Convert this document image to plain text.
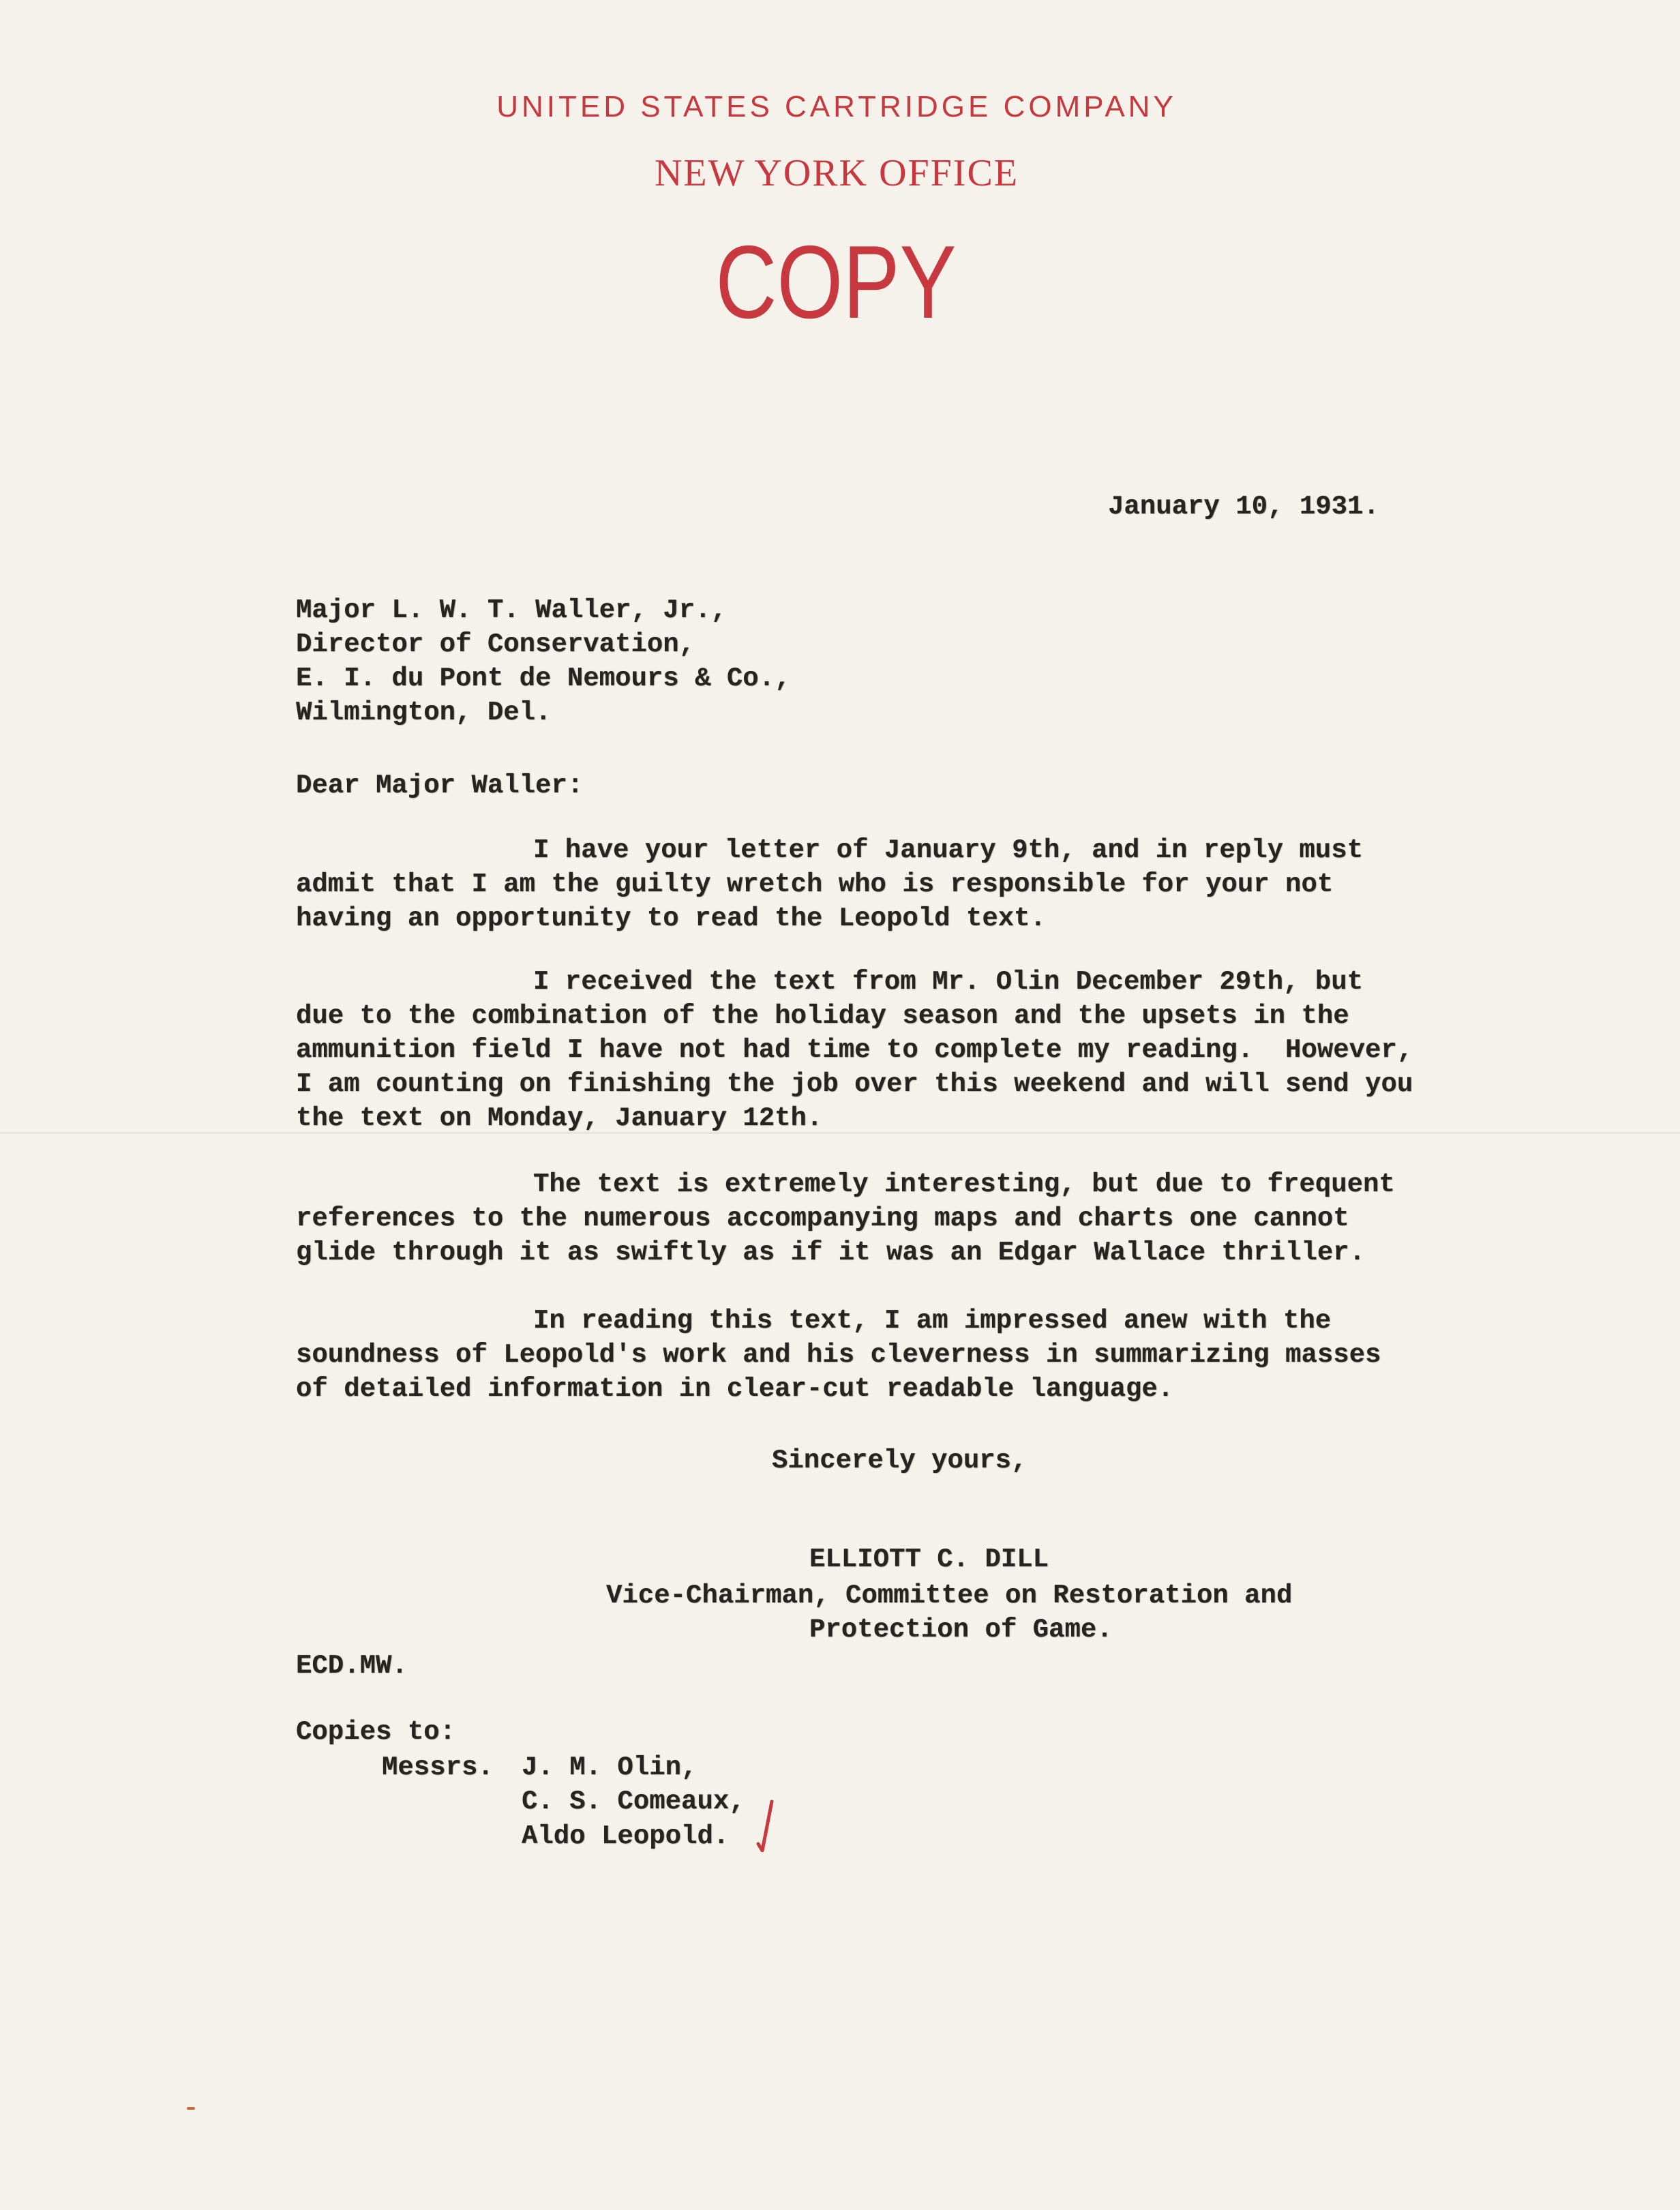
UNITED STATES CARTRIDGE COMPANY
NEW YORK OFFICE
COPY
January 10, 1931.
Major L. W. T. Waller, Jr.,
Director of Conservation,
E. I. du Pont de Nemours & Co.,
Wilmington, Del.
Dear Major Waller:
I have your letter of January 9th, and in reply must
admit that I am the guilty wretch who is responsible for your not
having an opportunity to read the Leopold text.
I received the text from Mr. Olin December 29th, but
due to the combination of the holiday season and the upsets in the
ammunition field I have not had time to complete my reading.  However,
I am counting on finishing the job over this weekend and will send you
the text on Monday, January 12th.
The text is extremely interesting, but due to frequent
references to the numerous accompanying maps and charts one cannot
glide through it as swiftly as if it was an Edgar Wallace thriller.
In reading this text, I am impressed anew with the
soundness of Leopold's work and his cleverness in summarizing masses
of detailed information in clear-cut readable language.
Sincerely yours,
ELLIOTT C. DILL
Vice-Chairman, Committee on Restoration and
Protection of Game.
ECD.MW.
Copies to:
Messrs. J. M. Olin,
C. S. Comeaux,
Aldo Leopold.
